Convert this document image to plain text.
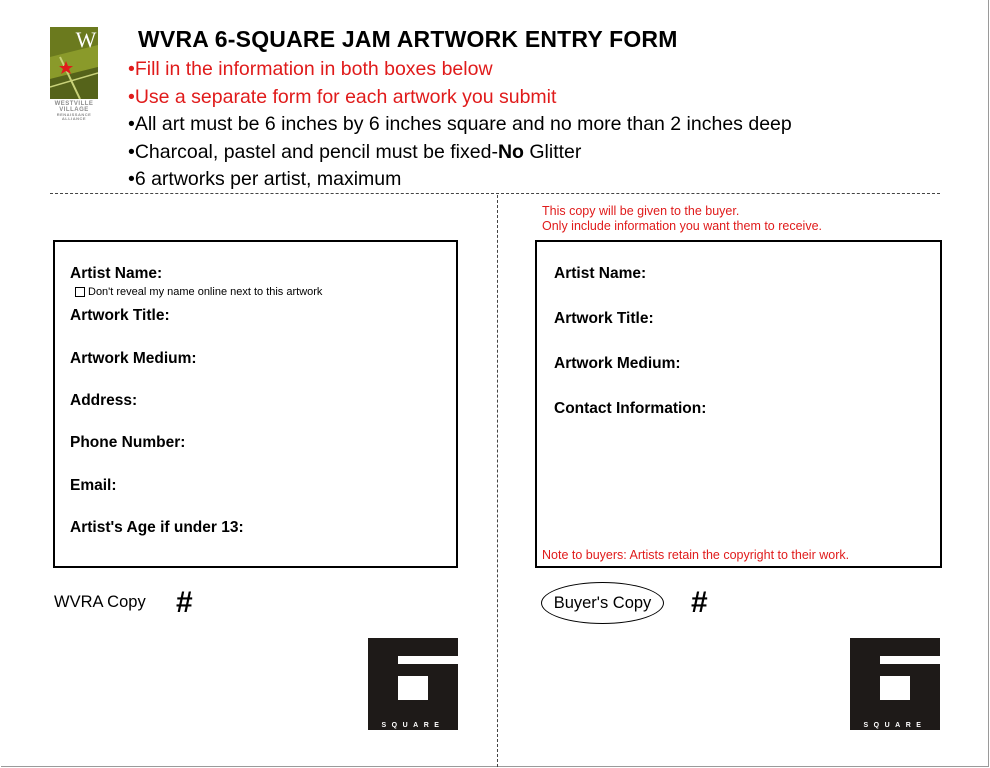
W
WESTVILLE
VILLAGE
RENAISSANCE
ALLIANCE
WVRA 6-SQUARE JAM ARTWORK ENTRY FORM
•Fill in the information in both boxes below
•Use a separate form for each artwork you submit
•All art must be 6 inches by 6 inches square and no more than 2 inches deep
•Charcoal, pastel and pencil must be fixed-No Glitter
•6 artworks per artist, maximum
Artist Name:
Don't reveal my name online next to this artwork
Artwork Title:
Artwork Medium:
Address:
Phone Number:
Email:
Artist's Age if under 13:
This copy will be given to the buyer.
Only include information you want them to receive.
Artist Name:
Artwork Title:
Artwork Medium:
Contact Information:
Note to buyers: Artists retain the copyright to their work.
WVRA Copy #	Buyer's Copy #
SQUARE	SQUARE
